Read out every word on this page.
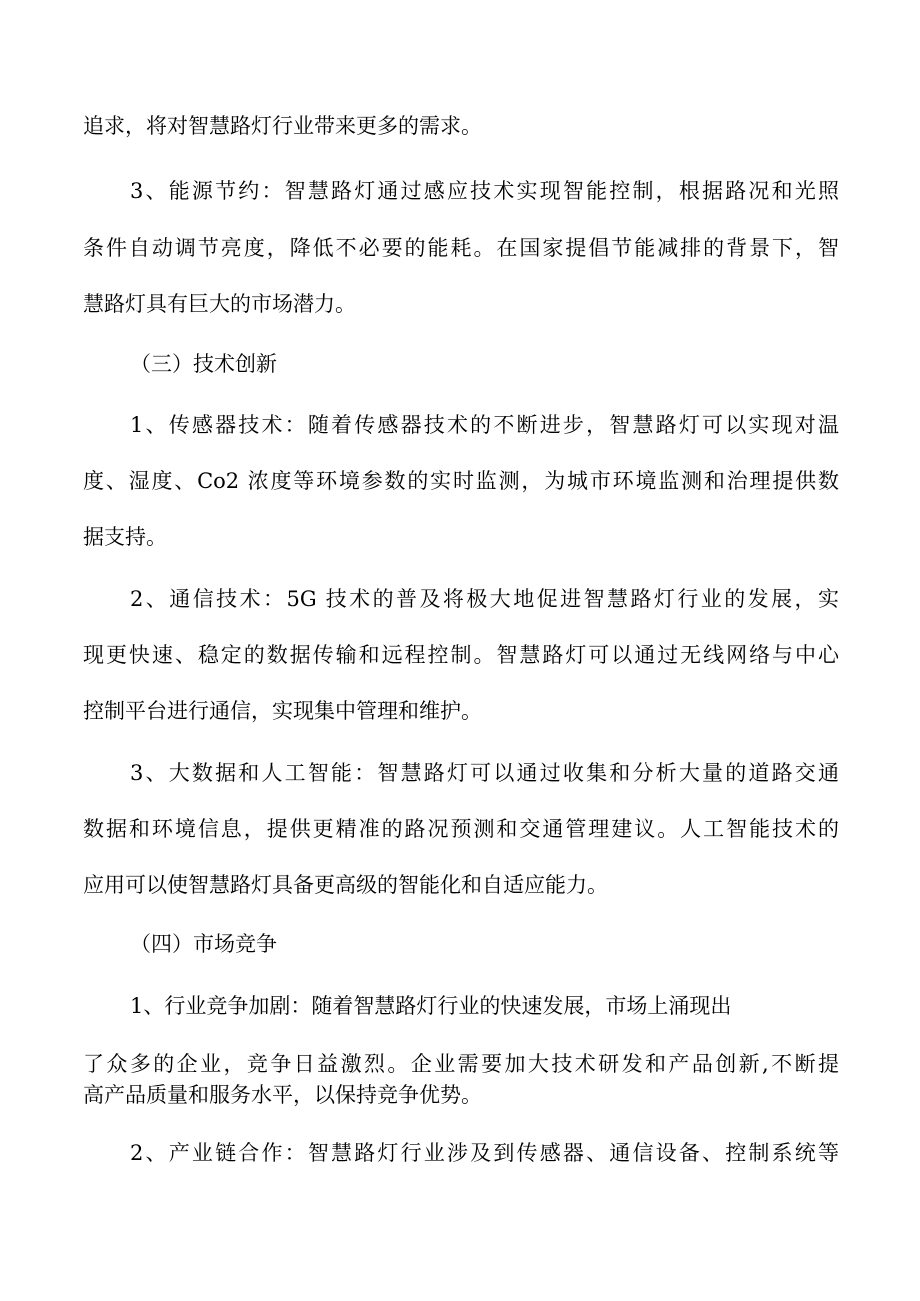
追求，将对智慧路灯行业带来更多的需求。
3、能源节约：智慧路灯通过感应技术实现智能控制，根据路况和光照
条件自动调节亮度，降低不必要的能耗。在国家提倡节能减排的背景下，智
慧路灯具有巨大的市场潜力。
（三）技术创新
1、传感器技术：随着传感器技术的不断进步，智慧路灯可以实现对温
度、湿度、Co2 浓度等环境参数的实时监测，为城市环境监测和治理提供数
据支持。
2、通信技术：5G 技术的普及将极大地促进智慧路灯行业的发展，实
现更快速、稳定的数据传输和远程控制。智慧路灯可以通过无线网络与中心
控制平台进行通信，实现集中管理和维护。
3、大数据和人工智能：智慧路灯可以通过收集和分析大量的道路交通
数据和环境信息，提供更精准的路况预测和交通管理建议。人工智能技术的
应用可以使智慧路灯具备更高级的智能化和自适应能力。
（四）市场竞争
1、行业竞争加剧：随着智慧路灯行业的快速发展，市场上涌现出
了众多的企业，竞争日益激烈。企业需要加大技术研发和产品创新,不断提
高产品质量和服务水平，以保持竞争优势。
2、产业链合作：智慧路灯行业涉及到传感器、通信设备、控制系统等
